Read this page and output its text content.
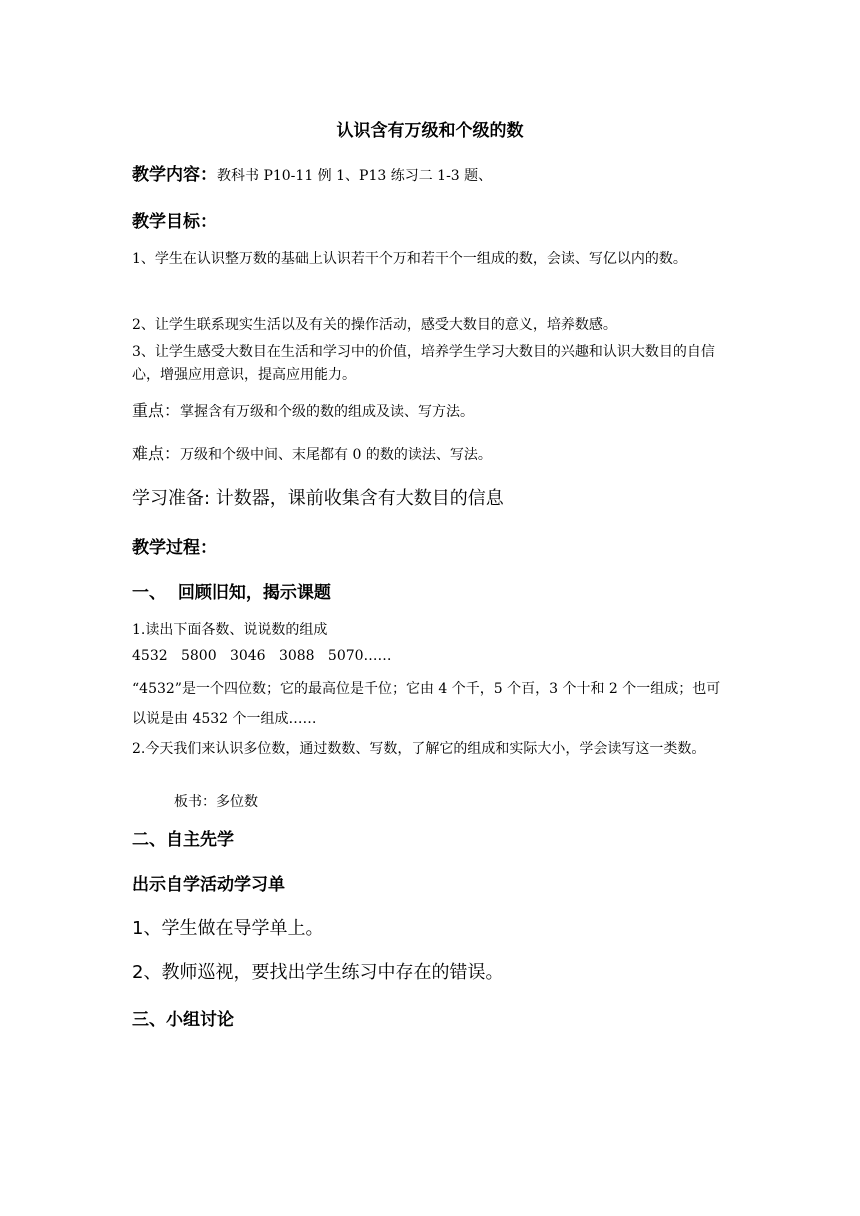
认识含有万级和个级的数

教学内容：教科书 P10-11 例 1、P13 练习二 1-3 题、

教学目标：

1、学生在认识整万数的基础上认识若干个万和若干个一组成的数，会读、写亿以内的数。

2、让学生联系现实生活以及有关的操作活动，感受大数目的意义，培养数感。

3、让学生感受大数目在生活和学习中的价值，培养学生学习大数目的兴趣和认识大数目的自信心，增强应用意识，提高应用能力。

重点：掌握含有万级和个级的数的组成及读、写方法。

难点：万级和个级中间、末尾都有 0 的数的读法、写法。

学习准备: 计数器，课前收集含有大数目的信息

教学过程：

一、  回顾旧知，揭示课题

1.读出下面各数、说说数的组成

4532   5800   3046   3088   5070……

“4532”是一个四位数；它的最高位是千位；它由 4 个千，5 个百，3 个十和 2 个一组成；也可以说是由 4532 个一组成……

2.今天我们来认识多位数，通过数数、写数，了解它的组成和实际大小，学会读写这一类数。

板书：多位数

二、自主先学

出示自学活动学习单

1、学生做在导学单上。

2、教师巡视，要找出学生练习中存在的错误。

三、小组讨论
